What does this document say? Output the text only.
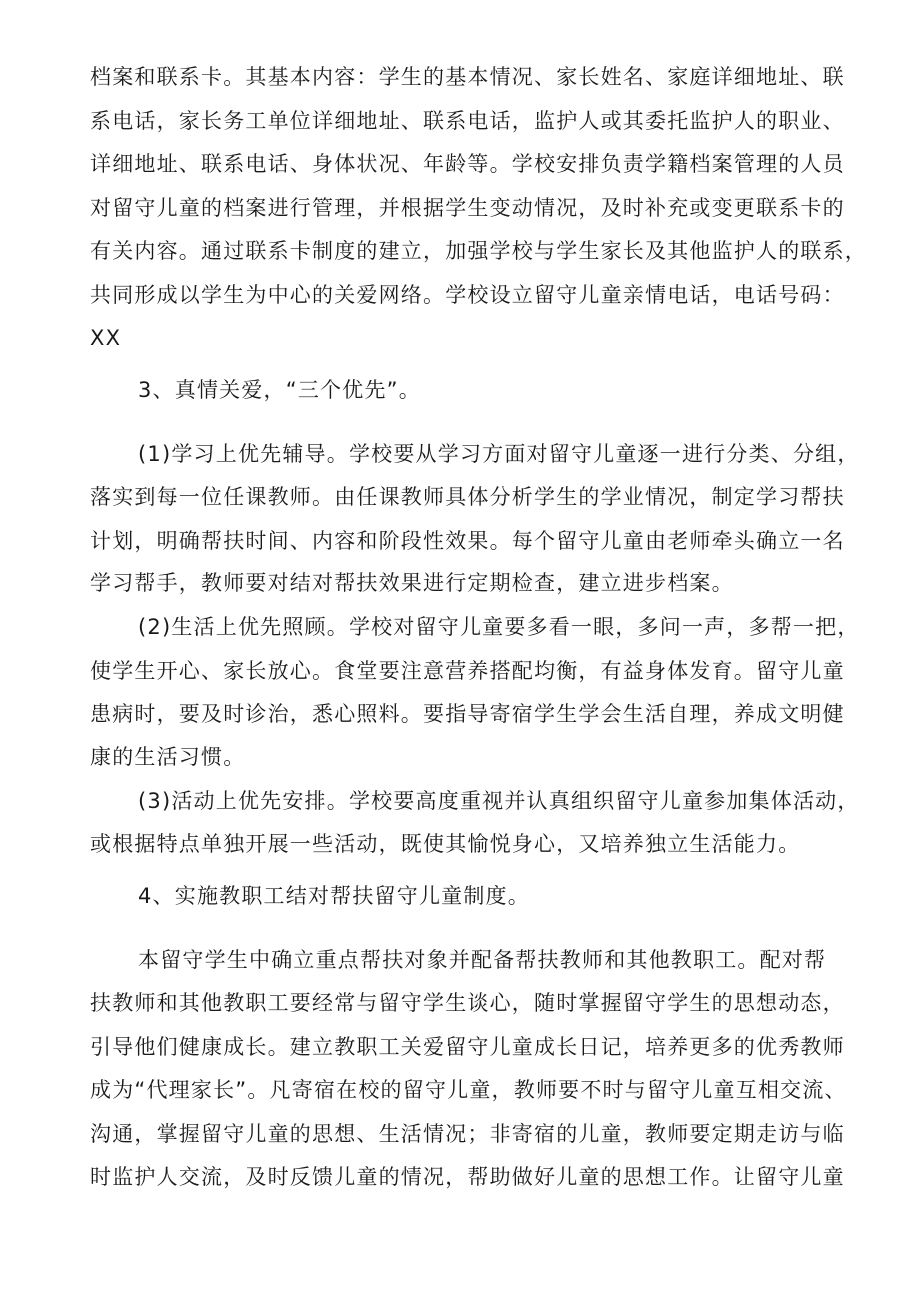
档案和联系卡。其基本内容：学生的基本情况、家长姓名、家庭详细地址、联
系电话，家长务工单位详细地址、联系电话，监护人或其委托监护人的职业、
详细地址、联系电话、身体状况、年龄等。学校安排负责学籍档案管理的人员
对留守儿童的档案进行管理，并根据学生变动情况，及时补充或变更联系卡的
有关内容。通过联系卡制度的建立，加强学校与学生家长及其他监护人的联系，
共同形成以学生为中心的关爱网络。学校设立留守儿童亲情电话，电话号码：
XX
3、真情关爱，“三个优先”。
(1)学习上优先辅导。学校要从学习方面对留守儿童逐一进行分类、分组，
落实到每一位任课教师。由任课教师具体分析学生的学业情况，制定学习帮扶
计划，明确帮扶时间、内容和阶段性效果。每个留守儿童由老师牵头确立一名
学习帮手，教师要对结对帮扶效果进行定期检查，建立进步档案。
(2)生活上优先照顾。学校对留守儿童要多看一眼，多问一声，多帮一把，
使学生开心、家长放心。食堂要注意营养搭配均衡，有益身体发育。留守儿童
患病时，要及时诊治，悉心照料。要指导寄宿学生学会生活自理，养成文明健
康的生活习惯。
(3)活动上优先安排。学校要高度重视并认真组织留守儿童参加集体活动，
或根据特点单独开展一些活动，既使其愉悦身心，又培养独立生活能力。
4、实施教职工结对帮扶留守儿童制度。
本留守学生中确立重点帮扶对象并配备帮扶教师和其他教职工。配对帮
扶教师和其他教职工要经常与留守学生谈心，随时掌握留守学生的思想动态，
引导他们健康成长。建立教职工关爱留守儿童成长日记，培养更多的优秀教师
成为“代理家长”。凡寄宿在校的留守儿童，教师要不时与留守儿童互相交流、
沟通，掌握留守儿童的思想、生活情况；非寄宿的儿童，教师要定期走访与临
时监护人交流，及时反馈儿童的情况，帮助做好儿童的思想工作。让留守儿童
